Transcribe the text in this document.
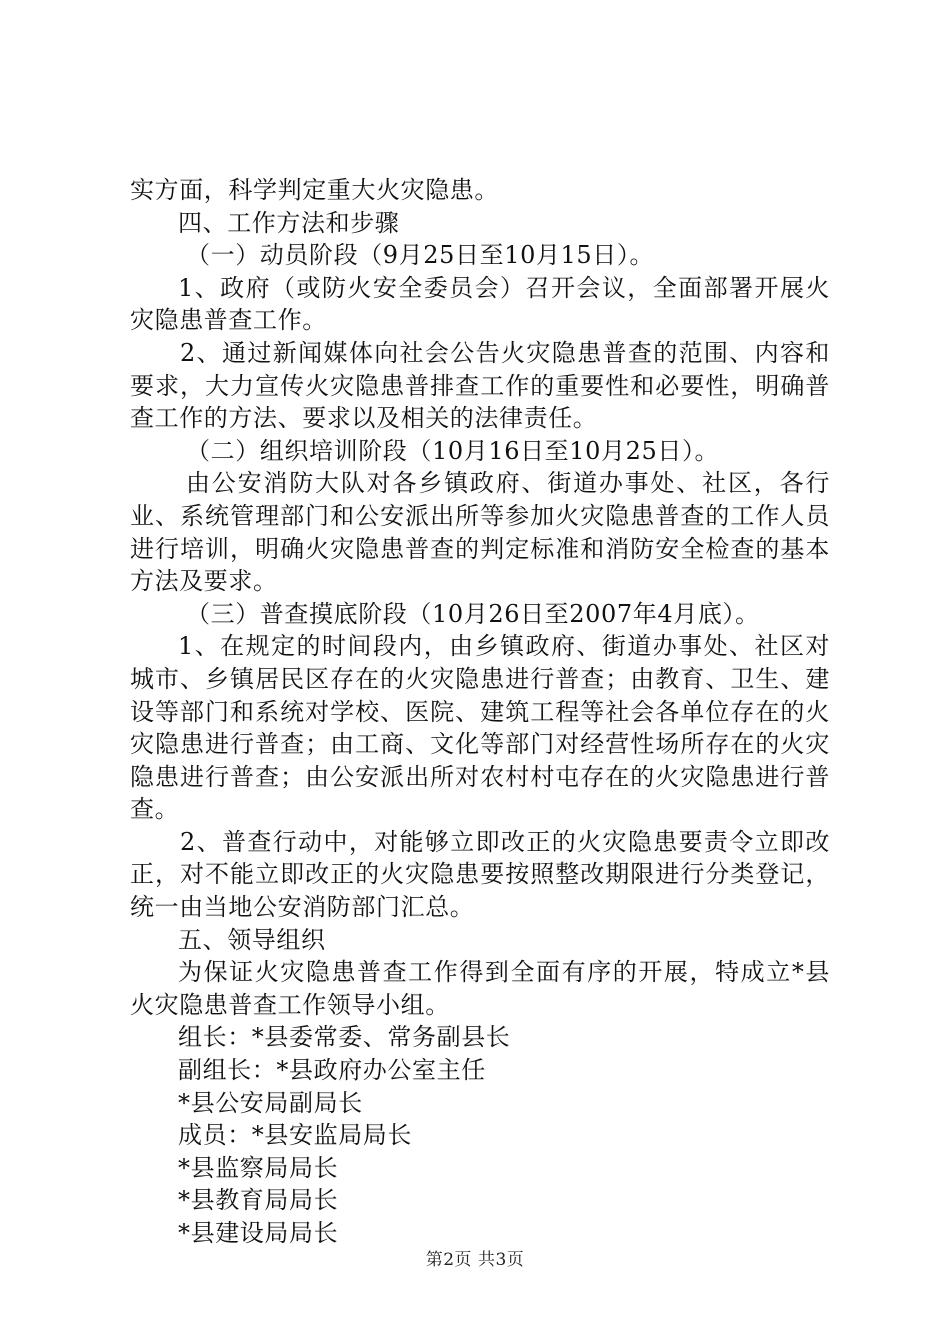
实方面，科学判定重大火灾隐患。

四、工作方法和步骤

（一）动员阶段（9月25日至10月15日）。

1、政府（或防火安全委员会）召开会议，全面部署开展火灾隐患普查工作。

2、通过新闻媒体向社会公告火灾隐患普查的范围、内容和要求，大力宣传火灾隐患普排查工作的重要性和必要性，明确普查工作的方法、要求以及相关的法律责任。

（二）组织培训阶段（10月16日至10月25日）。

由公安消防大队对各乡镇政府、街道办事处、社区，各行业、系统管理部门和公安派出所等参加火灾隐患普查的工作人员进行培训，明确火灾隐患普查的判定标准和消防安全检查的基本方法及要求。

（三）普查摸底阶段（10月26日至2007年4月底）。

1、在规定的时间段内，由乡镇政府、街道办事处、社区对城市、乡镇居民区存在的火灾隐患进行普查；由教育、卫生、建设等部门和系统对学校、医院、建筑工程等社会各单位存在的火灾隐患进行普查；由工商、文化等部门对经营性场所存在的火灾隐患进行普查；由公安派出所对农村村屯存在的火灾隐患进行普查。

2、普查行动中，对能够立即改正的火灾隐患要责令立即改正，对不能立即改正的火灾隐患要按照整改期限进行分类登记，统一由当地公安消防部门汇总。

五、领导组织

为保证火灾隐患普查工作得到全面有序的开展，特成立*县火灾隐患普查工作领导小组。

组长：*县委常委、常务副县长

副组长：*县政府办公室主任

*县公安局副局长

成员：*县安监局局长

*县监察局局长

*县教育局局长

*县建设局局长

第2页 共3页
